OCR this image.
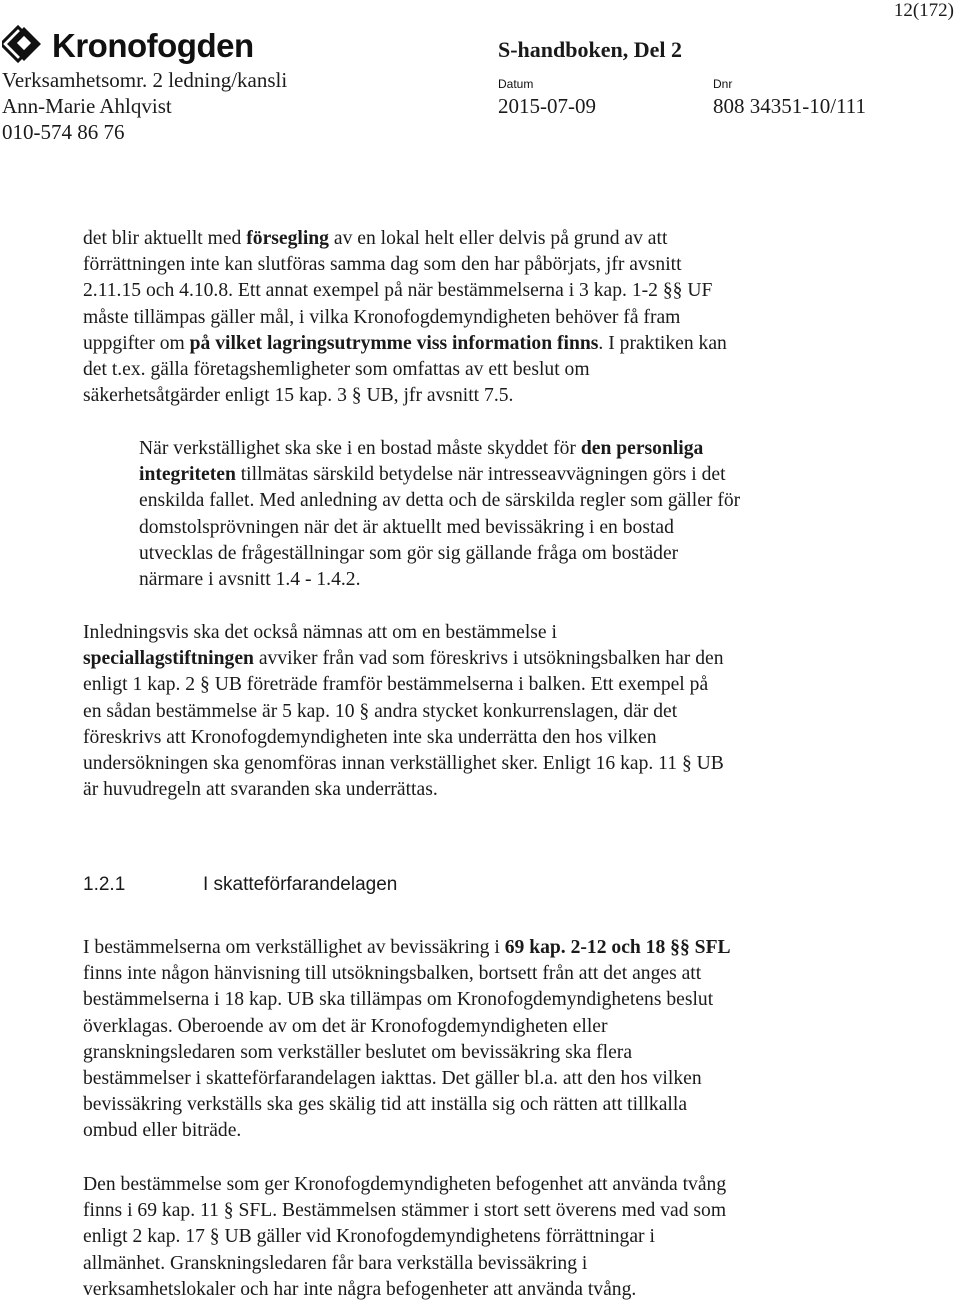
Kronofogden
Verksamhetsomr. 2 ledning/kansli
Ann-Marie Ahlqvist
010-574 86 76
S-handboken, Del 2
Datum
2015-07-09
Dnr
808 34351-10/111
12(172)
det blir aktuellt med försegling av en lokal helt eller delvis på grund av att
förrättningen inte kan slutföras samma dag som den har påbörjats, jfr avsnitt
2.11.15 och 4.10.8. Ett annat exempel på när bestämmelserna i 3 kap. 1-2 §§ UF
måste tillämpas gäller mål, i vilka Kronofogdemyndigheten behöver få fram
uppgifter om på vilket lagringsutrymme viss information finns. I praktiken kan
det t.ex. gälla företagshemligheter som omfattas av ett beslut om
säkerhetsåtgärder enligt 15 kap. 3 § UB, jfr avsnitt 7.5.
När verkställighet ska ske i en bostad måste skyddet för den personliga
integriteten tillmätas särskild betydelse när intresseavvägningen görs i det
enskilda fallet. Med anledning av detta och de särskilda regler som gäller för
domstolsprövningen när det är aktuellt med bevissäkring i en bostad
utvecklas de frågeställningar som gör sig gällande fråga om bostäder
närmare i avsnitt 1.4 - 1.4.2.
Inledningsvis ska det också nämnas att om en bestämmelse i
speciallagstiftningen avviker från vad som föreskrivs i utsökningsbalken har den
enligt 1 kap. 2 § UB företräde framför bestämmelserna i balken. Ett exempel på
en sådan bestämmelse är 5 kap. 10 § andra stycket konkurrenslagen, där det
föreskrivs att Kronofogdemyndigheten inte ska underrätta den hos vilken
undersökningen ska genomföras innan verkställighet sker. Enligt 16 kap. 11 § UB
är huvudregeln att svaranden ska underrättas.
1.2.1	I skatteförfarandelagen
I bestämmelserna om verkställighet av bevissäkring i 69 kap. 2-12 och 18 §§ SFL
finns inte någon hänvisning till utsökningsbalken, bortsett från att det anges att
bestämmelserna i 18 kap. UB ska tillämpas om Kronofogdemyndighetens beslut
överklagas. Oberoende av om det är Kronofogdemyndigheten eller
granskningsledaren som verkställer beslutet om bevissäkring ska flera
bestämmelser i skatteförfarandelagen iakttas. Det gäller bl.a. att den hos vilken
bevissäkring verkställs ska ges skälig tid att inställa sig och rätten att tillkalla
ombud eller biträde.
Den bestämmelse som ger Kronofogdemyndigheten befogenhet att använda tvång
finns i 69 kap. 11 § SFL. Bestämmelsen stämmer i stort sett överens med vad som
enligt 2 kap. 17 § UB gäller vid Kronofogdemyndighetens förrättningar i
allmänhet. Granskningsledaren får bara verkställa bevissäkring i
verksamhetslokaler och har inte några befogenheter att använda tvång.
